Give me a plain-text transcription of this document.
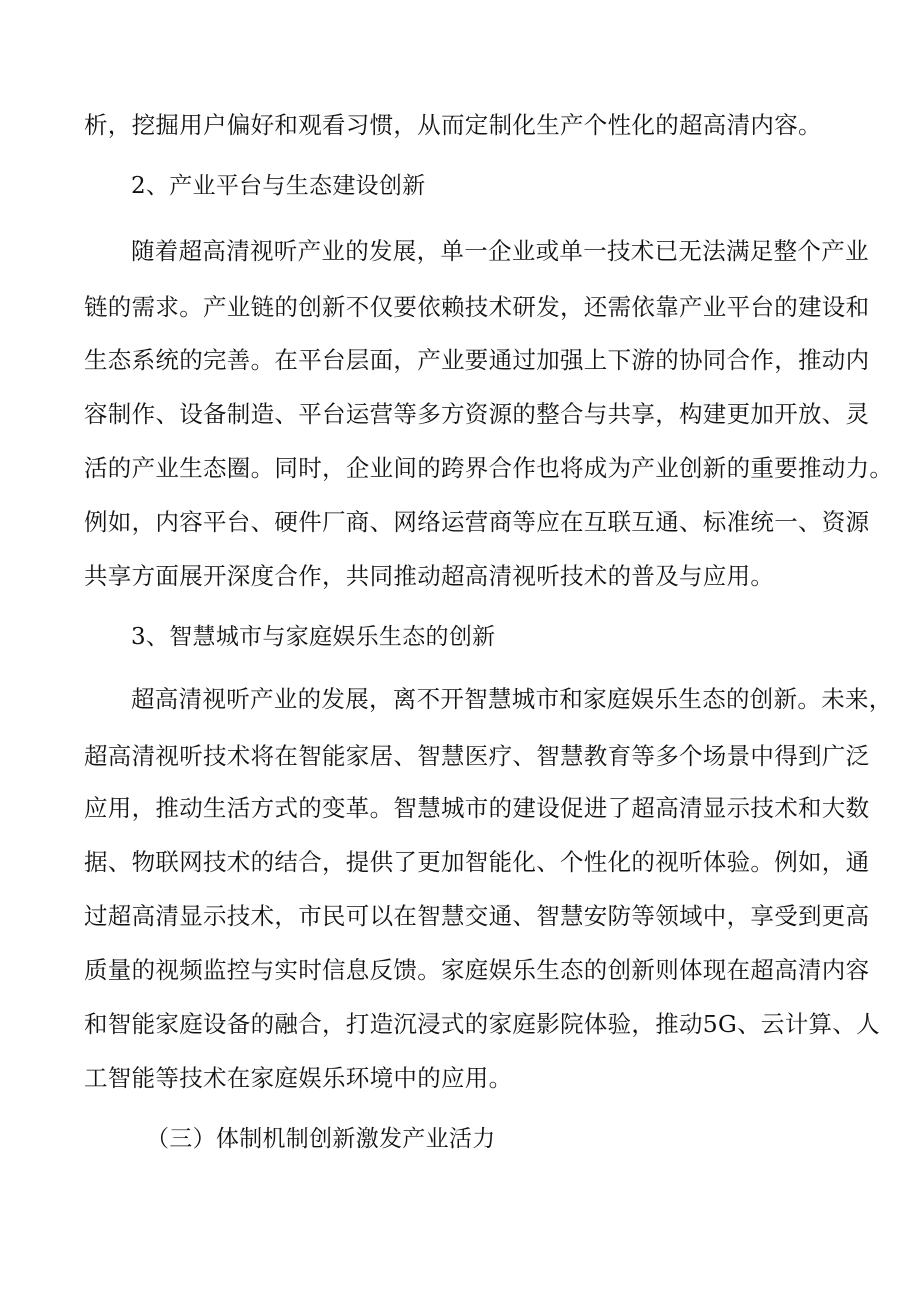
析，挖掘用户偏好和观看习惯，从而定制化生产个性化的超高清内容。
2、产业平台与生态建设创新
随着超高清视听产业的发展，单一企业或单一技术已无法满足整个产业
链的需求。产业链的创新不仅要依赖技术研发，还需依靠产业平台的建设和
生态系统的完善。在平台层面，产业要通过加强上下游的协同合作，推动内
容制作、设备制造、平台运营等多方资源的整合与共享，构建更加开放、灵
活的产业生态圈。同时，企业间的跨界合作也将成为产业创新的重要推动力。
例如，内容平台、硬件厂商、网络运营商等应在互联互通、标准统一、资源
共享方面展开深度合作，共同推动超高清视听技术的普及与应用。
3、智慧城市与家庭娱乐生态的创新
超高清视听产业的发展，离不开智慧城市和家庭娱乐生态的创新。未来，
超高清视听技术将在智能家居、智慧医疗、智慧教育等多个场景中得到广泛
应用，推动生活方式的变革。智慧城市的建设促进了超高清显示技术和大数
据、物联网技术的结合，提供了更加智能化、个性化的视听体验。例如，通
过超高清显示技术，市民可以在智慧交通、智慧安防等领域中，享受到更高
质量的视频监控与实时信息反馈。家庭娱乐生态的创新则体现在超高清内容
和智能家庭设备的融合，打造沉浸式的家庭影院体验，推动5G、云计算、人
工智能等技术在家庭娱乐环境中的应用。
（三）体制机制创新激发产业活力
